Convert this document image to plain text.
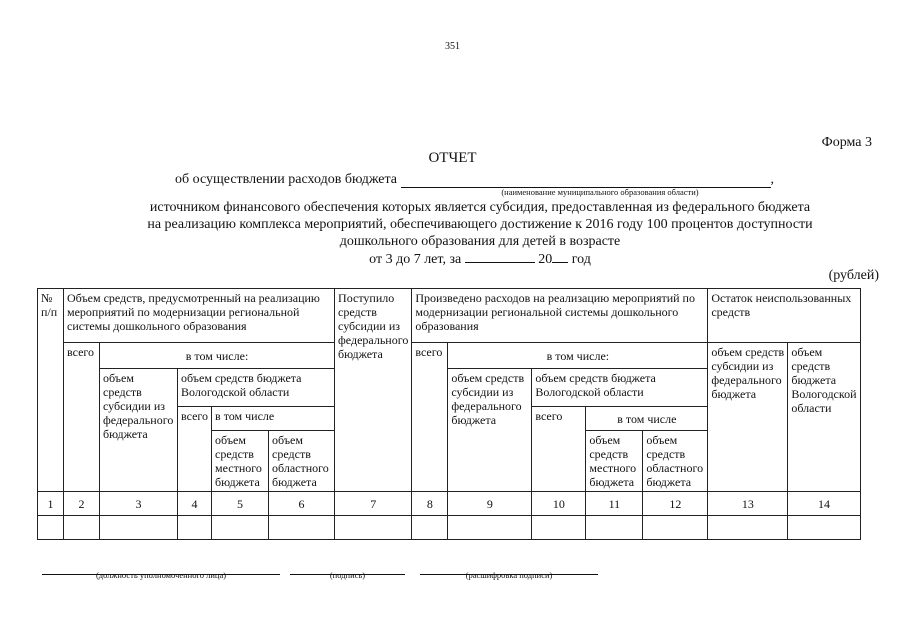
351
Форма 3
ОТЧЕТ
об осуществлении расходов бюджета	,
(наименование муниципального образования области)
источником финансового обеспечения которых является субсидия, предоставленная из федерального бюджета
на реализацию комплекса мероприятий, обеспечивающего достижение к 2016 году 100 процентов доступности
дошкольного образования для детей в возрасте
от 3 до 7 лет, за	20 год
(рублей)
№ п/п	Объем средств, предусмотренный на реализацию мероприятий по модернизации региональной системы дошкольного образования					Поступило средств субсидии из федерального бюджета	Произведено расходов на реализацию мероприятий по модернизации региональной системы дошкольного образования					Остаток неиспользованных средств	
	всего	в том числе:					всего	в том числе:				объем средств субсидии из федерального бюджета	объем средств бюджета Вологодской области
		объем средств субсидии из федерального бюджета	объем средств бюджета Вологодской области					объем средств субсидии из федерального бюджета	объем средств бюджета Вологодской области				
			всего	в том числе					всего	в том числе			
				объем средств местного бюджета	объем средств областного бюджета					объем средств местного бюджета	объем средств областного бюджета		
1	2	3	4	5	6	7	8	9	10	11	12	13	14

(должность уполномоченного лица)	(подпись)	(расшифровка подписи)
